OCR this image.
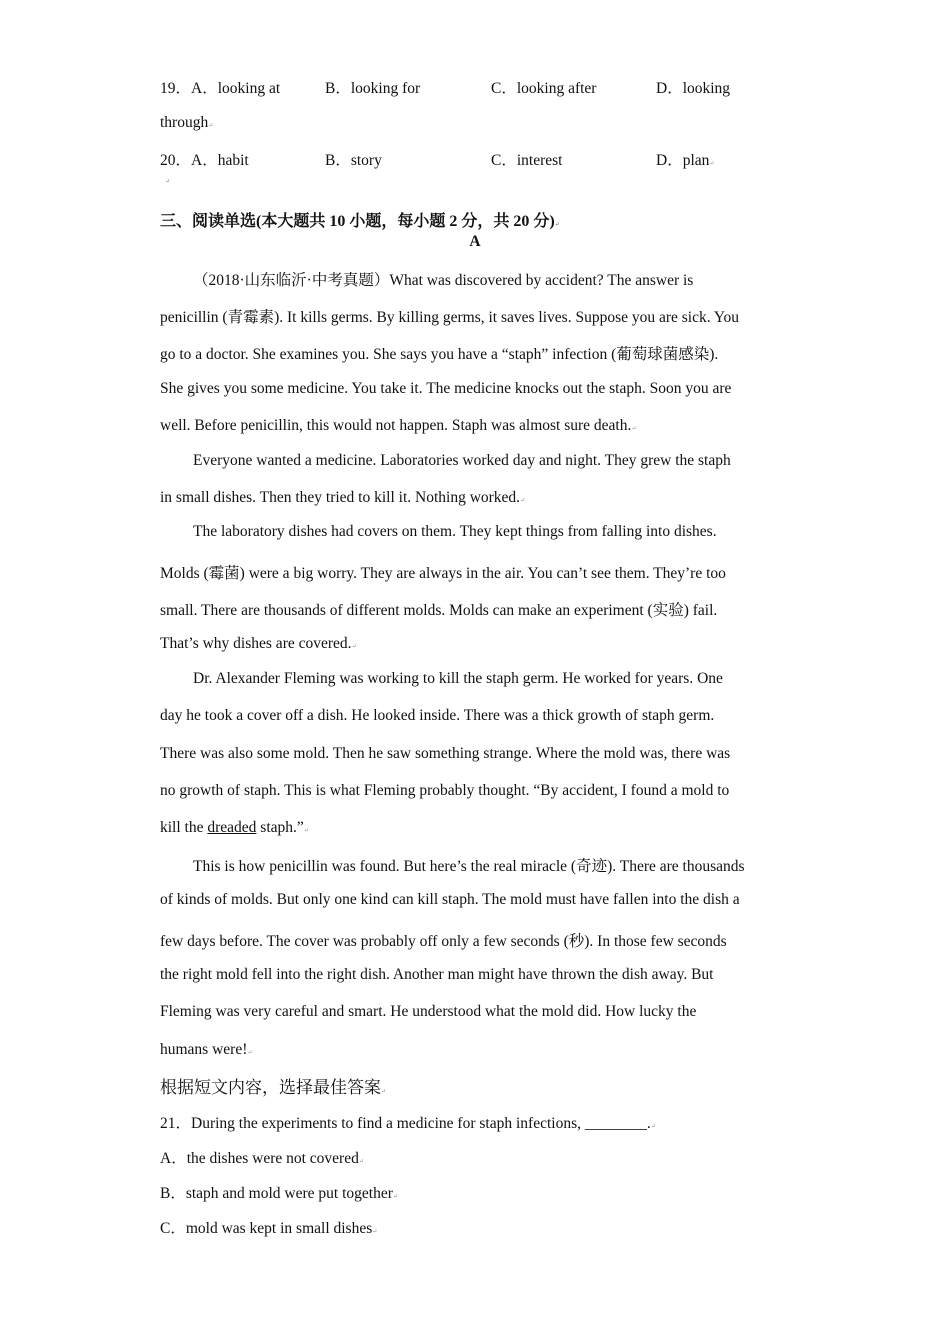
19．A．looking at	B．looking for	C．looking after	D．looking
through↵
20．A．habit	B．story	C．interest	D．plan↵
↵
三、阅读单选(本大题共 10 小题，每小题 2 分，共 20 分)↵
A
（2018·山东临沂·中考真题）What was discovered by accident? The answer is
penicillin (青霉素). It kills germs. By killing germs, it saves lives. Suppose you are sick. You
go to a doctor. She examines you. She says you have a “staph” infection (葡萄球菌感染).
She gives you some medicine. You take it. The medicine knocks out the staph. Soon you are
well. Before penicillin, this would not happen. Staph was almost sure death.↵
Everyone wanted a medicine. Laboratories worked day and night. They grew the staph
in small dishes. Then they tried to kill it. Nothing worked.↵
The laboratory dishes had covers on them. They kept things from falling into dishes.
Molds (霉菌) were a big worry. They are always in the air. You can’t see them. They’re too
small. There are thousands of different molds. Molds can make an experiment (实验) fail.
That’s why dishes are covered.↵
Dr. Alexander Fleming was working to kill the staph germ. He worked for years. One
day he took a cover off a dish. He looked inside. There was a thick growth of staph germ.
There was also some mold. Then he saw something strange. Where the mold was, there was
no growth of staph. This is what Fleming probably thought. “By accident, I found a mold to
kill the dreaded staph.”↵
This is how penicillin was found. But here’s the real miracle (奇迹). There are thousands
of kinds of molds. But only one kind can kill staph. The mold must have fallen into the dish a
few days before. The cover was probably off only a few seconds (秒). In those few seconds
the right mold fell into the right dish. Another man might have thrown the dish away. But
Fleming was very careful and smart. He understood what the mold did. How lucky the
humans were!↵
根据短文内容，选择最佳答案↵
21．During the experiments to find a medicine for staph infections, ________.↵
A．the dishes were not covered↵
B．staph and mold were put together↵
C．mold was kept in small dishes↵
